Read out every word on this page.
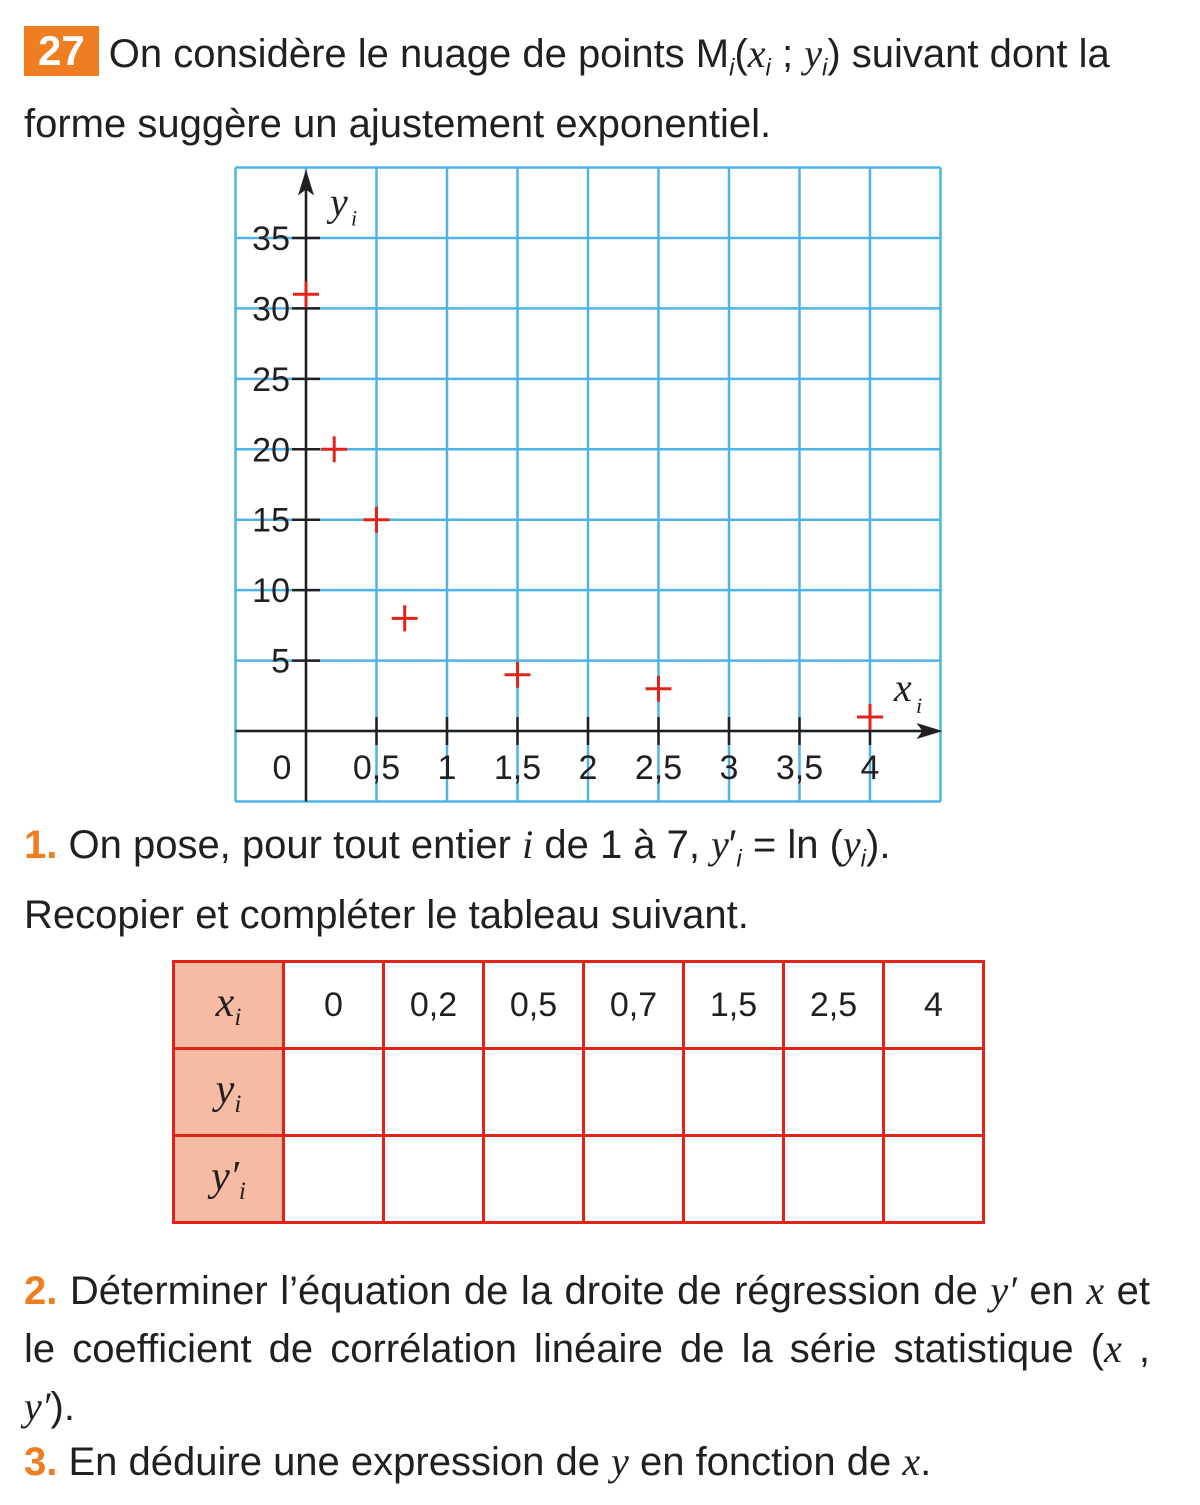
27 On considère le nuage de points $M_i(x_i$ ; $y_i$) suivant dont la forme suggère un ajustement exponentiel.
0,5 1 1,5 2 2,5 3 3,5 4
0
5
10
15
20
25
30
35
y i
x i
1. On pose, pour tout entier i de 1 à 7, $y'_i = \ln (y_i)$.
Recopier et compléter le tableau suivant.
$x_i$	0	0,2	0,5	0,7	1,5	2,5	4
$y_i$							
$y'_i$							
2. Déterminer l’équation de la droite de régression de y′ en x et le coefficient de corrélation linéaire de la série statistique (x , y′).
3. En déduire une expression de y en fonction de x.
